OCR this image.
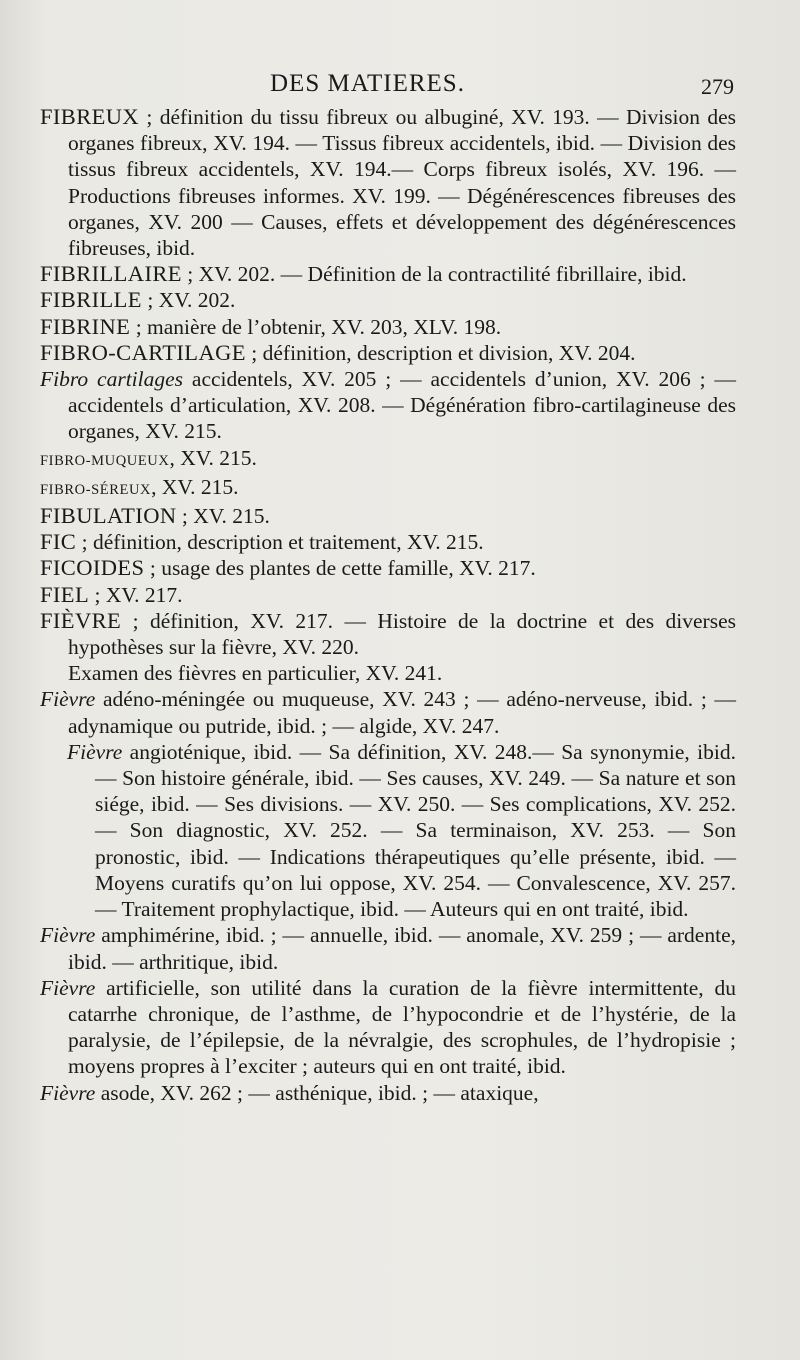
DES MATIERES.	279
FIBREUX ; définition du tissu fibreux ou albuginé, XV. 193. — Division des organes fibreux, XV. 194. — Tissus fibreux accidentels, ibid. — Division des tissus fibreux accidentels, XV. 194.— Corps fibreux isolés, XV. 196. — Productions fibreuses informes. XV. 199. — Dégénérescences fibreuses des organes, XV. 200 — Causes, effets et développement des dégénérescences fibreuses, ibid.
FIBRILLAIRE ; XV. 202. — Définition de la contractilité fibrillaire, ibid.
FIBRILLE ; XV. 202.
FIBRINE ; manière de l’obtenir, XV. 203, XLV. 198.
FIBRO-CARTILAGE ; définition, description et division, XV. 204.
Fibro cartilages accidentels, XV. 205 ; — accidentels d’union, XV. 206 ; — accidentels d’articulation, XV. 208. — Dégénération fibro-cartilagineuse des organes, XV. 215.
FIBRO-MUQUEUX, XV. 215.
FIBRO-SÉREUX, XV. 215.
FIBULATION ; XV. 215.
FIC ; définition, description et traitement, XV. 215.
FICOIDES ; usage des plantes de cette famille, XV. 217.
FIEL ; XV. 217.
FIÈVRE ; définition, XV. 217. — Histoire de la doctrine et des diverses hypothèses sur la fièvre, XV. 220.
Examen des fièvres en particulier, XV. 241.
Fièvre adéno-méningée ou muqueuse, XV. 243 ; — adéno-nerveuse, ibid. ; — adynamique ou putride, ibid. ; — algide, XV. 247.
Fièvre angioténique, ibid. — Sa définition, XV. 248.— Sa synonymie, ibid.— Son histoire générale, ibid. — Ses causes, XV. 249. — Sa nature et son siége, ibid. — Ses divisions. — XV. 250. — Ses complications, XV. 252. — Son diagnostic, XV. 252. — Sa terminaison, XV. 253. — Son pronostic, ibid. — Indications thérapeutiques qu’elle présente, ibid. — Moyens curatifs qu’on lui oppose, XV. 254. — Convalescence, XV. 257. — Traitement prophylactique, ibid. — Auteurs qui en ont traité, ibid.
Fièvre amphimérine, ibid. ; — annuelle, ibid. — anomale, XV. 259 ; — ardente, ibid. — arthritique, ibid.
Fièvre artificielle, son utilité dans la curation de la fièvre intermittente, du catarrhe chronique, de l’asthme, de l’hypocondrie et de l’hystérie, de la paralysie, de l’épilepsie, de la névralgie, des scrophules, de l’hydropisie ; moyens propres à l’exciter ; auteurs qui en ont traité, ibid.
Fièvre asode, XV. 262 ; — asthénique, ibid. ; — ataxique,
